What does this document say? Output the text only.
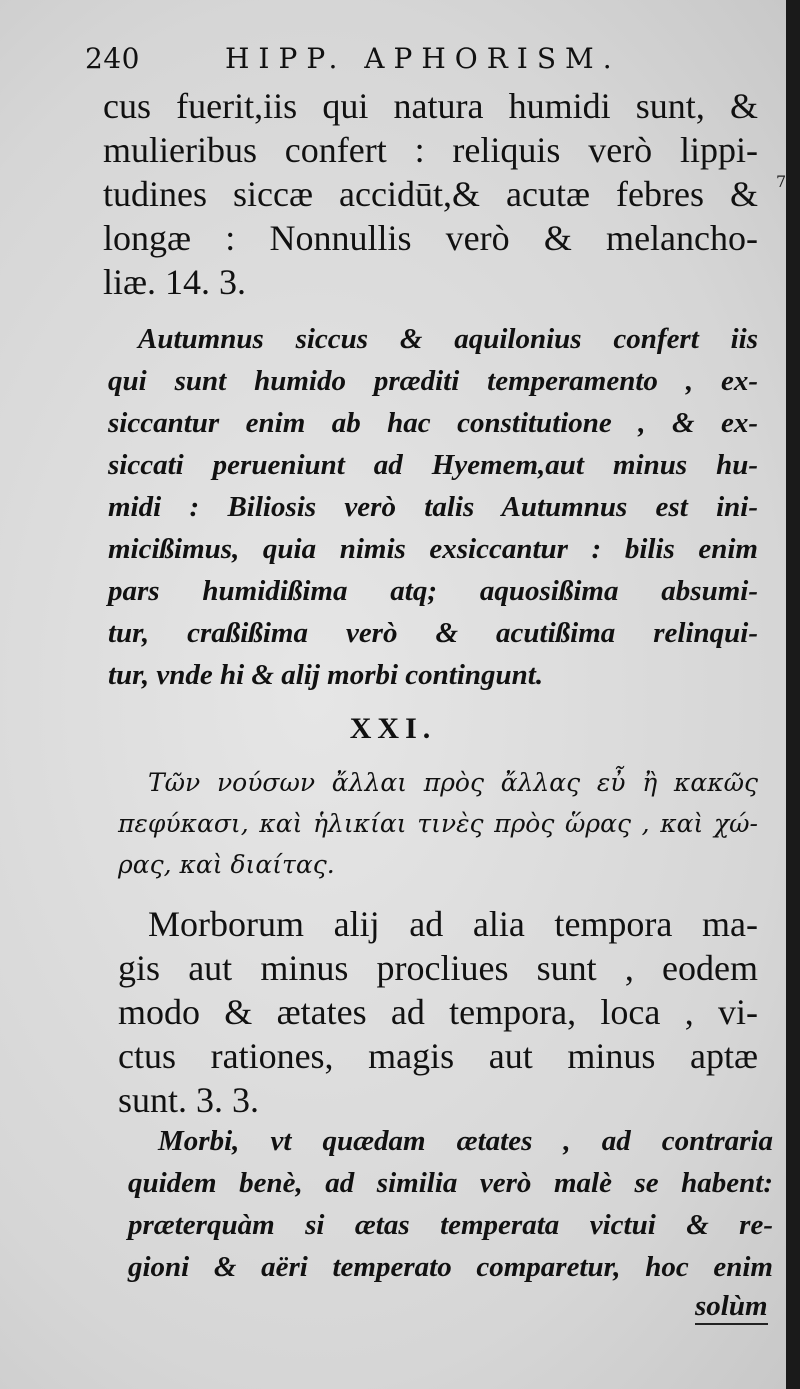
240	HIPP. APHORISM.
7
cus fuerit,iis qui natura humidi sunt, &
mulieribus confert : reliquis verò lippi-
tudines siccæ accidūt,& acutæ febres &
longæ : Nonnullis verò & melancho-
liæ. 14. 3.
Autumnus siccus & aquilonius confert iis
qui sunt humido præditi temperamento , ex-
siccantur enim ab hac constitutione , & ex-
siccati perueniunt ad Hyemem,aut minus hu-
midi : Biliosis verò talis Autumnus est ini-
micißimus, quia nimis exsiccantur : bilis enim
pars humidißima atq; aquosißima absumi-
tur, craßißima verò & acutißima relinqui-
tur, vnde hi & alij morbi contingunt.
XXI.
Τῶν νούσων ἄλλαι πρὸς ἄλλας εὖ ἢ κακῶς
πεφύκασι, καὶ ἡλικίαι τινὲς πρὸς ὥρας , καὶ χώ-
ρας, καὶ διαίτας.
Morborum alij ad alia tempora ma-
gis aut minus procliues sunt , eodem
modo & ætates ad tempora, loca , vi-
ctus rationes, magis aut minus aptæ
sunt. 3. 3.
Morbi, vt quædam ætates , ad contraria
quidem benè, ad similia verò malè se habent:
præterquàm si ætas temperata victui & re-
gioni & aëri temperato comparetur, hoc enim
solùm
